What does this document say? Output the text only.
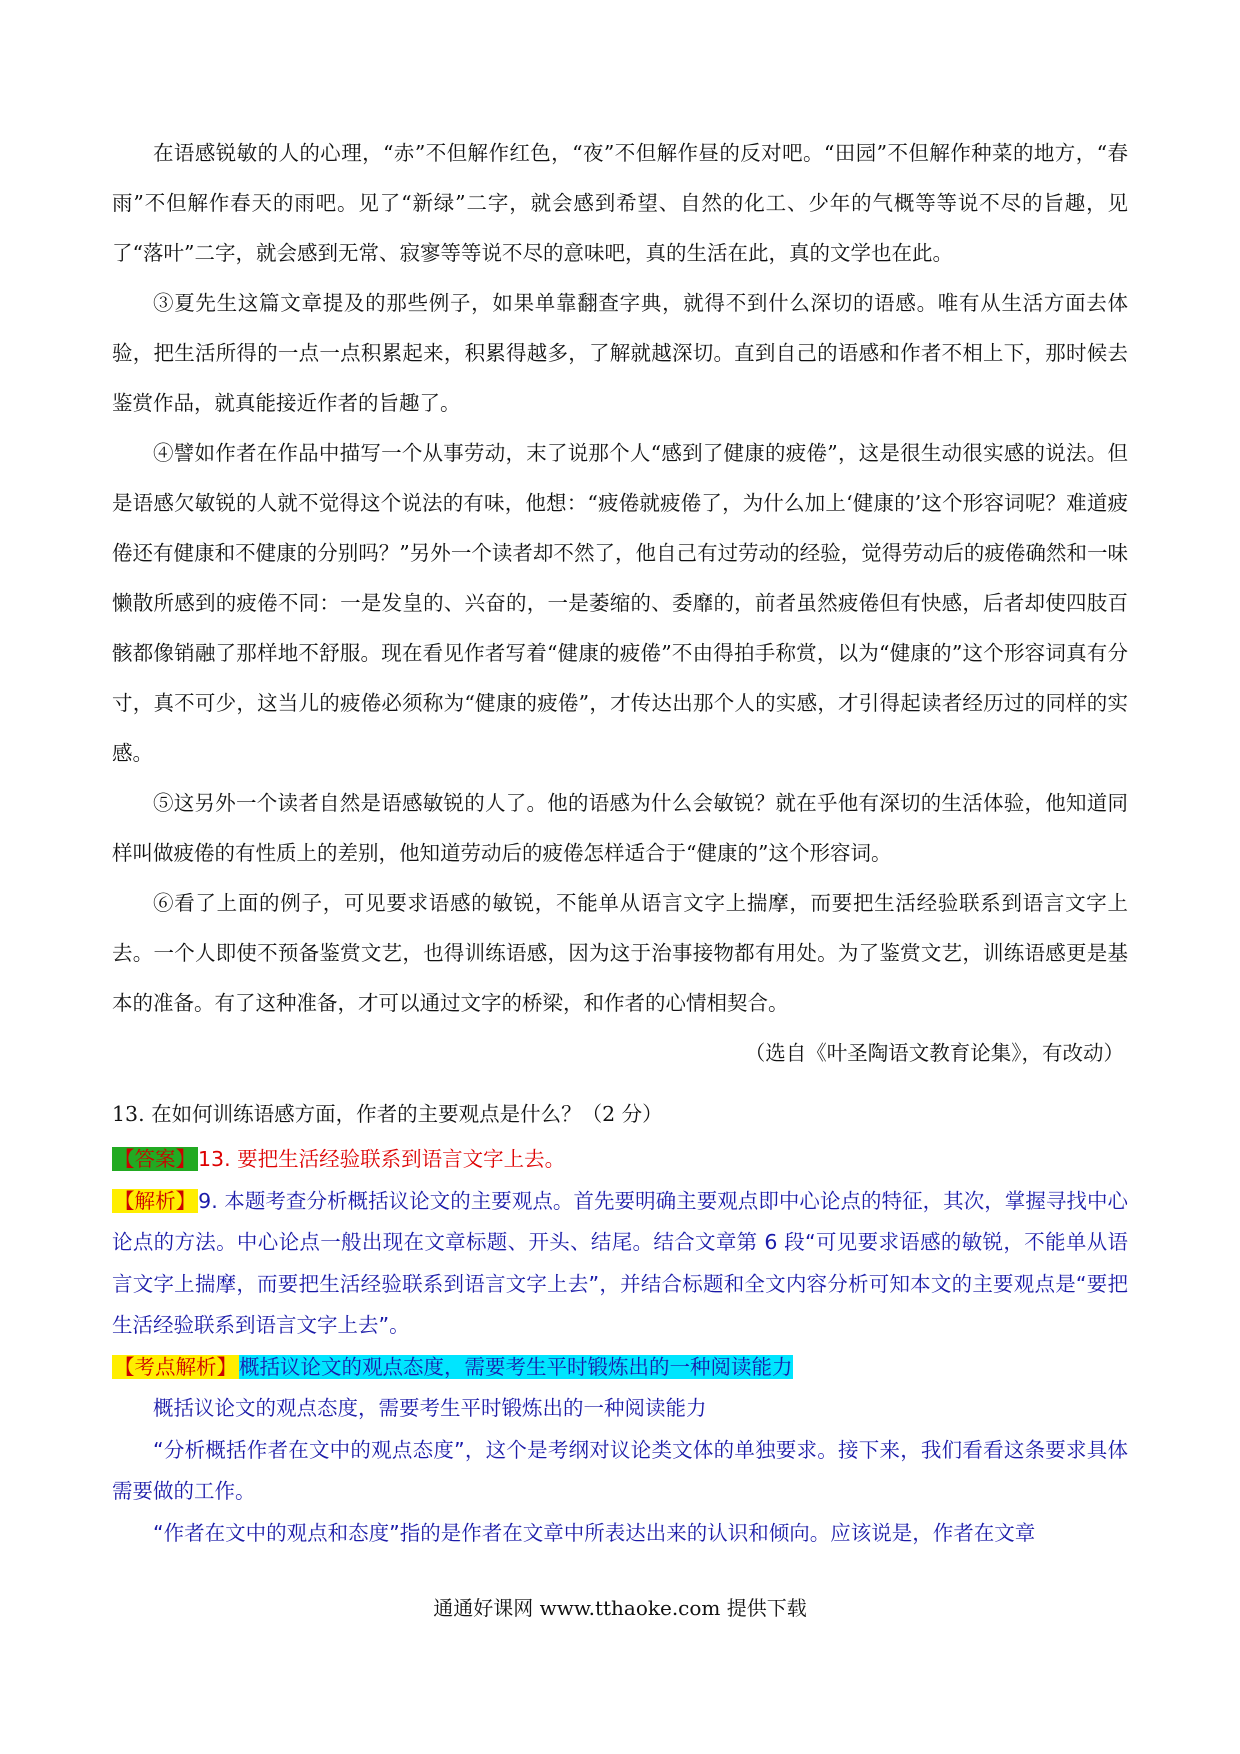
在语感锐敏的人的心理，“赤”不但解作红色，“夜”不但解作昼的反对吧。“田园”不但解作种菜的地方，“春雨”不但解作春天的雨吧。见了“新绿”二字，就会感到希望、自然的化工、少年的气概等等说不尽的旨趣，见了“落叶”二字，就会感到无常、寂寥等等说不尽的意味吧，真的生活在此，真的文学也在此。

③夏先生这篇文章提及的那些例子，如果单靠翻查字典，就得不到什么深切的语感。唯有从生活方面去体验，把生活所得的一点一点积累起来，积累得越多，了解就越深切。直到自己的语感和作者不相上下，那时候去鉴赏作品，就真能接近作者的旨趣了。

④譬如作者在作品中描写一个从事劳动，末了说那个人“感到了健康的疲倦”，这是很生动很实感的说法。但是语感欠敏锐的人就不觉得这个说法的有味，他想：“疲倦就疲倦了，为什么加上‘健康的’这个形容词呢？难道疲倦还有健康和不健康的分别吗？”另外一个读者却不然了，他自己有过劳动的经验，觉得劳动后的疲倦确然和一味懒散所感到的疲倦不同：一是发皇的、兴奋的，一是萎缩的、委靡的，前者虽然疲倦但有快感，后者却使四肢百骸都像销融了那样地不舒服。现在看见作者写着“健康的疲倦”不由得拍手称赏，以为“健康的”这个形容词真有分寸，真不可少，这当儿的疲倦必须称为“健康的疲倦”，才传达出那个人的实感，才引得起读者经历过的同样的实感。

⑤这另外一个读者自然是语感敏锐的人了。他的语感为什么会敏锐？就在乎他有深切的生活体验，他知道同样叫做疲倦的有性质上的差别，他知道劳动后的疲倦怎样适合于“健康的”这个形容词。

⑥看了上面的例子，可见要求语感的敏锐，不能单从语言文字上揣摩，而要把生活经验联系到语言文字上去。一个人即使不预备鉴赏文艺，也得训练语感，因为这于治事接物都有用处。为了鉴赏文艺，训练语感更是基本的准备。有了这种准备，才可以通过文字的桥梁，和作者的心情相契合。

（选自《叶圣陶语文教育论集》，有改动）

13. 在如何训练语感方面，作者的主要观点是什么？（2 分）

【答案】13. 要把生活经验联系到语言文字上去。

【解析】9. 本题考查分析概括议论文的主要观点。首先要明确主要观点即中心论点的特征，其次，掌握寻找中心论点的方法。中心论点一般出现在文章标题、开头、结尾。结合文章第 6 段“可见要求语感的敏锐，不能单从语言文字上揣摩，而要把生活经验联系到语言文字上去”，并结合标题和全文内容分析可知本文的主要观点是“要把生活经验联系到语言文字上去”。

【考点解析】概括议论文的观点态度，需要考生平时锻炼出的一种阅读能力

概括议论文的观点态度，需要考生平时锻炼出的一种阅读能力

“分析概括作者在文中的观点态度”，这个是考纲对议论类文体的单独要求。接下来，我们看看这条要求具体需要做的工作。

“作者在文中的观点和态度”指的是作者在文章中所表达出来的认识和倾向。应该说是，作者在文章

通通好课网 www.tthaoke.com 提供下载
